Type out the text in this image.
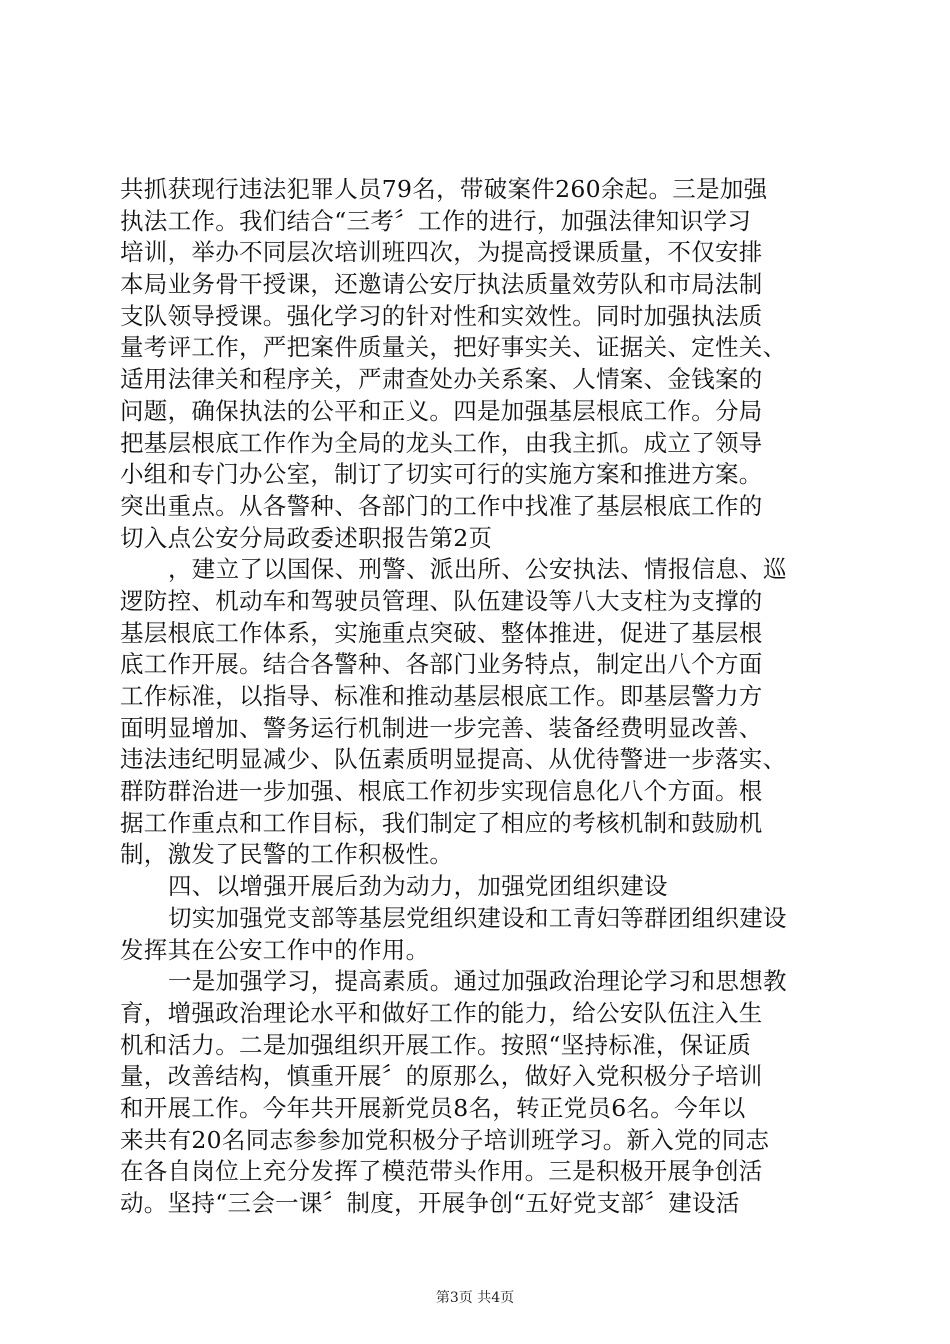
共抓获现行违法犯罪人员79名，带破案件260余起。三是加强
执法工作。我们结合“三考〞工作的进行，加强法律知识学习
培训，举办不同层次培训班四次，为提高授课质量，不仅安排
本局业务骨干授课，还邀请公安厅执法质量效劳队和市局法制
支队领导授课。强化学习的针对性和实效性。同时加强执法质
量考评工作，严把案件质量关，把好事实关、证据关、定性关、
适用法律关和程序关，严肃查处办关系案、人情案、金钱案的
问题，确保执法的公平和正义。四是加强基层根底工作。分局
把基层根底工作作为全局的龙头工作，由我主抓。成立了领导
小组和专门办公室，制订了切实可行的实施方案和推进方案。
突出重点。从各警种、各部门的工作中找准了基层根底工作的
切入点公安分局政委述职报告第2页
，建立了以国保、刑警、派出所、公安执法、情报信息、巡
逻防控、机动车和驾驶员管理、队伍建设等八大支柱为支撑的
基层根底工作体系，实施重点突破、整体推进，促进了基层根
底工作开展。结合各警种、各部门业务特点，制定出八个方面
工作标准，以指导、标准和推动基层根底工作。即基层警力方
面明显增加、警务运行机制进一步完善、装备经费明显改善、
违法违纪明显减少、队伍素质明显提高、从优待警进一步落实、
群防群治进一步加强、根底工作初步实现信息化八个方面。根
据工作重点和工作目标，我们制定了相应的考核机制和鼓励机
制，激发了民警的工作积极性。
四、以增强开展后劲为动力，加强党团组织建设
切实加强党支部等基层党组织建设和工青妇等群团组织建设
发挥其在公安工作中的作用。
一是加强学习，提高素质。通过加强政治理论学习和思想教
育，增强政治理论水平和做好工作的能力，给公安队伍注入生
机和活力。二是加强组织开展工作。按照“坚持标准，保证质
量，改善结构，慎重开展〞的原那么，做好入党积极分子培训
和开展工作。今年共开展新党员8名，转正党员6名。今年以
来共有20名同志参参加党积极分子培训班学习。新入党的同志
在各自岗位上充分发挥了模范带头作用。三是积极开展争创活
动。坚持“三会一课〞制度，开展争创“五好党支部〞建设活
第3页 共4页
